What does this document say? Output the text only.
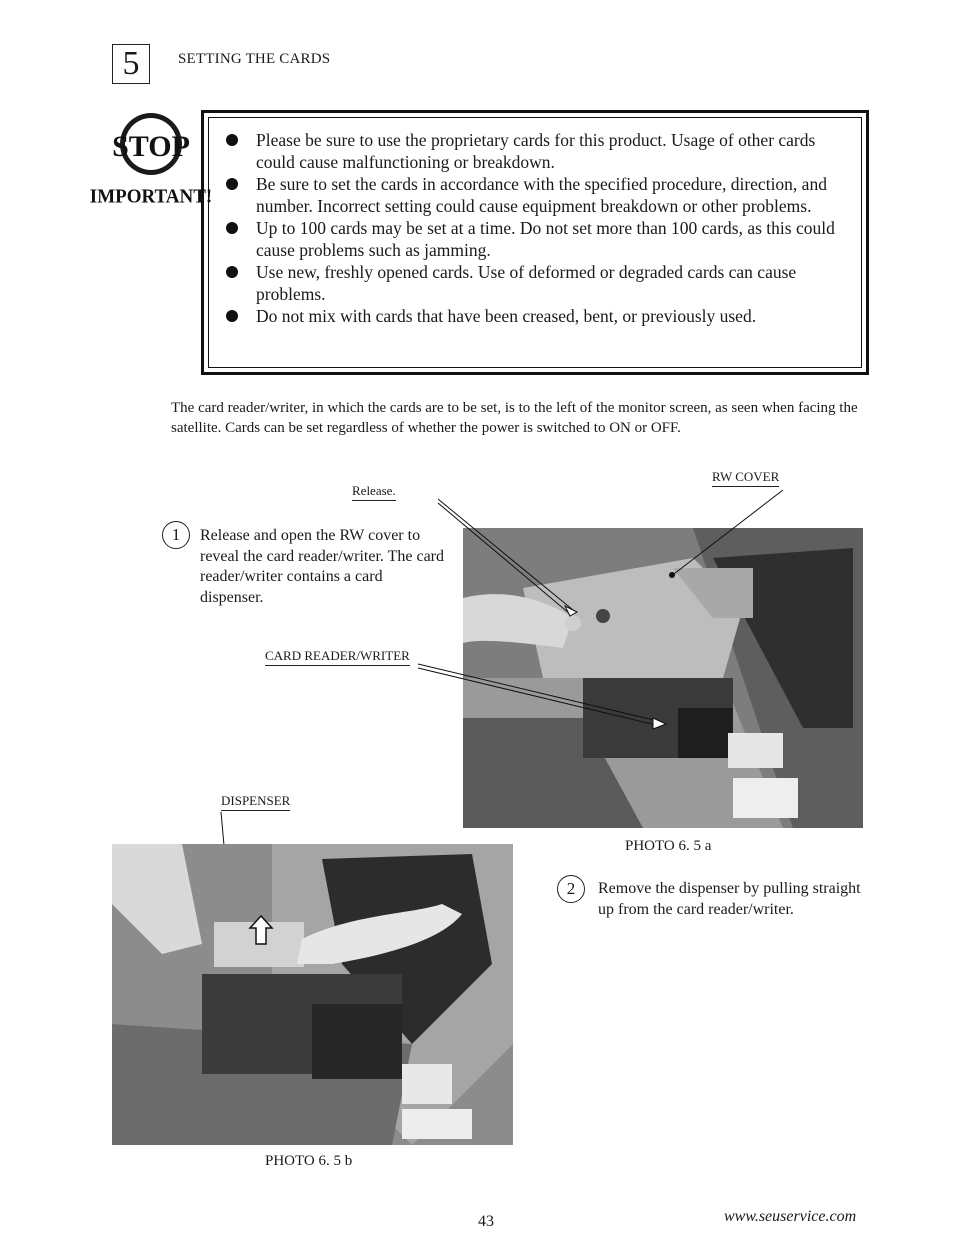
5	SETTING THE CARDS
STOP
IMPORTANT!
Please be sure to use the proprietary cards for this product. Usage of other cards could cause malfunctioning or breakdown.
Be sure to set the cards in accordance with the specified procedure, direction, and number. Incorrect setting could cause equipment breakdown or other problems.
Up to 100 cards may be set at a time. Do not set more than 100 cards, as this could cause problems such as jamming.
Use new, freshly opened cards. Use of deformed or degraded cards can cause problems.
Do not mix with cards that have been creased, bent, or previously used.
The card reader/writer, in which the cards are to be set, is to the left of the monitor screen, as seen when facing the satellite. Cards can be set regardless of whether the power is switched to ON or OFF.
Release.
RW COVER
CARD READER/WRITER
DISPENSER
1	Release and open the RW cover to reveal the card reader/writer. The card reader/writer contains a card dispenser.
PHOTO 6. 5 a
PHOTO 6. 5 b
2	Remove the dispenser by pulling straight up from the card reader/writer.
43	www.seuservice.com
